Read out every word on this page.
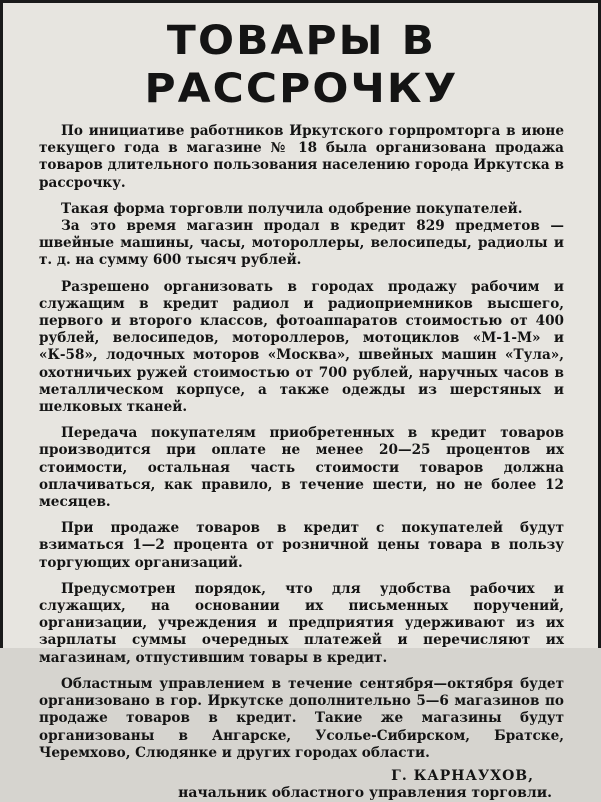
ТОВАРЫ В РАССРОЧКУ

По инициативе работников Иркутского горпромторга в июне текущего года в магазине № 18 была организована продажа товаров длительного пользования населению города Иркутска в рассрочку.

Такая форма торговли получила одобрение покупателей.

За это время магазин продал в кредит 829 предметов — швейные машины, часы, мотороллеры, велосипеды, радиолы и т. д. на сумму 600 тысяч рублей.

Разрешено организовать в городах продажу рабочим и служащим в кредит радиол и радиоприемников высшего, первого и второго классов, фотоаппаратов стоимостью от 400 рублей, велосипедов, мотороллеров, мотоциклов «М-1-М» и «К-58», лодочных моторов «Москва», швейных машин «Тула», охотничьих ружей стоимостью от 700 рублей, наручных часов в металлическом корпусе, а также одежды из шерстяных и шелковых тканей.

Передача покупателям приобретенных в кредит товаров производится при оплате не менее 20—25 процентов их стоимости, остальная часть стоимости товаров должна оплачиваться, как правило, в течение шести, но не более 12 месяцев.

При продаже товаров в кредит с покупателей будут взиматься 1—2 процента от розничной цены товара в пользу торгующих организаций.

Предусмотрен порядок, что для удобства рабочих и служащих, на основании их письменных поручений, организации, учреждения и предприятия удерживают из их зарплаты суммы очередных платежей и перечисляют их магазинам, отпустившим товары в кредит.

Областным управлением в течение сентября—октября будет организовано в гор. Иркутске дополнительно 5—6 магазинов по продаже товаров в кредит. Такие же магазины будут организованы в Ангарске, Усолье-Сибирском, Братске, Черемхово, Слюдянке и других городах области.

Г. КАРНАУХОВ,
начальник областного управления торговли.
